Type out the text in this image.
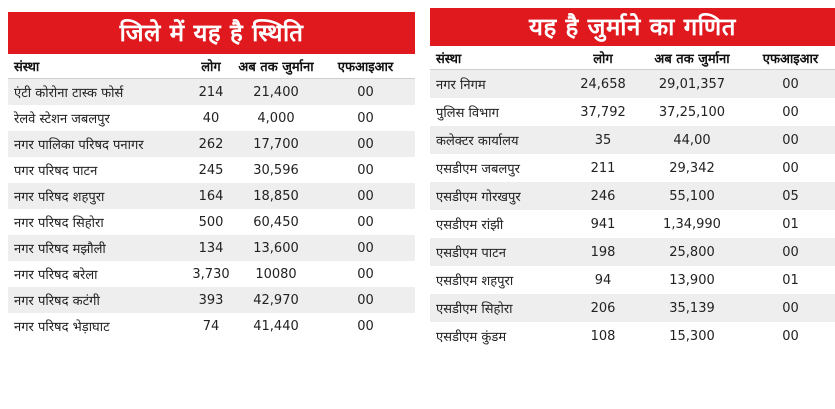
जिले में यह है स्थिति
संस्था	लोग	अब तक जुर्माना	एफआइआर
एंटी कोरोना टास्क फोर्स	214	21,400	00
रेलवे स्टेशन जबलपुर	40	4,000	00
नगर पालिका परिषद पनागर	262	17,700	00
पगर परिषद पाटन	245	30,596	00
नगर परिषद शहपुरा	164	18,850	00
नगर परिषद सिहोरा	500	60,450	00
नगर परिषद मझौली	134	13,600	00
नगर परिषद बरेला	3,730	10080	00
नगर परिषद कटंगी	393	42,970	00
नगर परिषद भेड़ाघाट	74	41,440	00
यह है जुर्माने का गणित
संस्था	लोग	अब तक जुर्माना	एफआइआर
नगर निगम	24,658	29,01,357	00
पुलिस विभाग	37,792	37,25,100	00
कलेक्टर कार्यालय	35	44,00	00
एसडीएम जबलपुर	211	29,342	00
एसडीएम गोरखपुर	246	55,100	05
एसडीएम रांझी	941	1,34,990	01
एसडीएम पाटन	198	25,800	00
एसडीएम शहपुरा	94	13,900	01
एसडीएम सिहोरा	206	35,139	00
एसडीएम कुंडम	108	15,300	00
